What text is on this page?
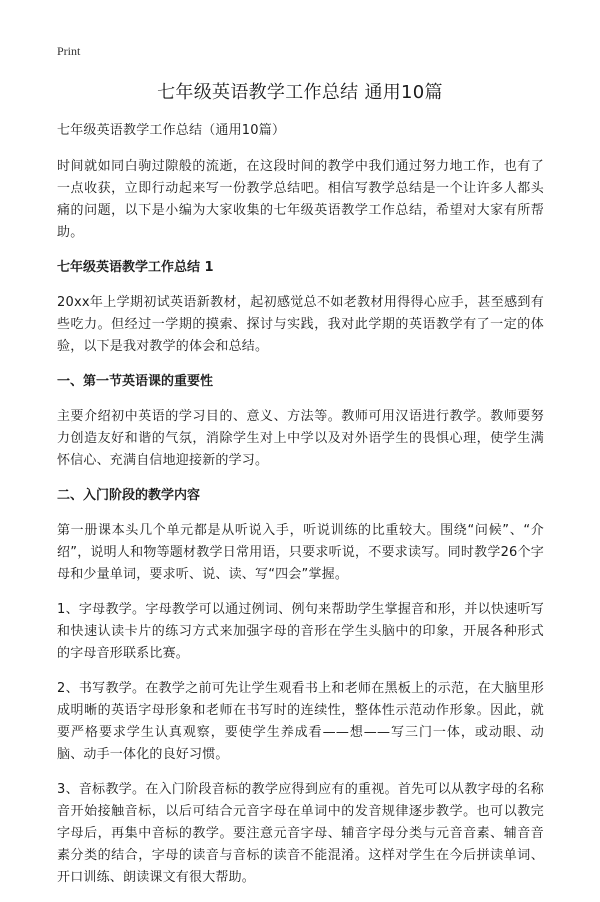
Print
七年级英语教学工作总结 通用10篇

七年级英语教学工作总结（通用10篇）

时间就如同白驹过隙般的流逝，在这段时间的教学中我们通过努力地工作，也有了一点收获，立即行动起来写一份教学总结吧。相信写教学总结是一个让许多人都头痛的问题，以下是小编为大家收集的七年级英语教学工作总结，希望对大家有所帮助。

七年级英语教学工作总结 1

20xx年上学期初试英语新教材，起初感觉总不如老教材用得得心应手，甚至感到有些吃力。但经过一学期的摸索、探讨与实践，我对此学期的英语教学有了一定的体验，以下是我对教学的体会和总结。

一、第一节英语课的重要性

主要介绍初中英语的学习目的、意义、方法等。教师可用汉语进行教学。教师要努力创造友好和谐的气氛，消除学生对上中学以及对外语学生的畏惧心理，使学生满怀信心、充满自信地迎接新的学习。

二、入门阶段的教学内容

第一册课本头几个单元都是从听说入手，听说训练的比重较大。围绕“问候”、“介绍”，说明人和物等题材教学日常用语，只要求听说，不要求读写。同时教学26个字母和少量单词，要求听、说、读、写“四会”掌握。

1、字母教学。字母教学可以通过例词、例句来帮助学生掌握音和形，并以快速听写和快速认读卡片的练习方式来加强字母的音形在学生头脑中的印象，开展各种形式的字母音形联系比赛。

2、书写教学。在教学之前可先让学生观看书上和老师在黑板上的示范，在大脑里形成明晰的英语字母形象和老师在书写时的连续性，整体性示范动作形象。因此，就要严格要求学生认真观察，要使学生养成看——想——写三门一体，或动眼、动脑、动手一体化的良好习惯。

3、音标教学。在入门阶段音标的教学应得到应有的重视。首先可以从教字母的名称音开始接触音标，以后可结合元音字母在单词中的发音规律逐步教学。也可以教完字母后，再集中音标的教学。要注意元音字母、辅音字母分类与元音音素、辅音音素分类的结合，字母的读音与音标的读音不能混淆。这样对学生在今后拼读单词、开口训练、朗读课文有很大帮助。
